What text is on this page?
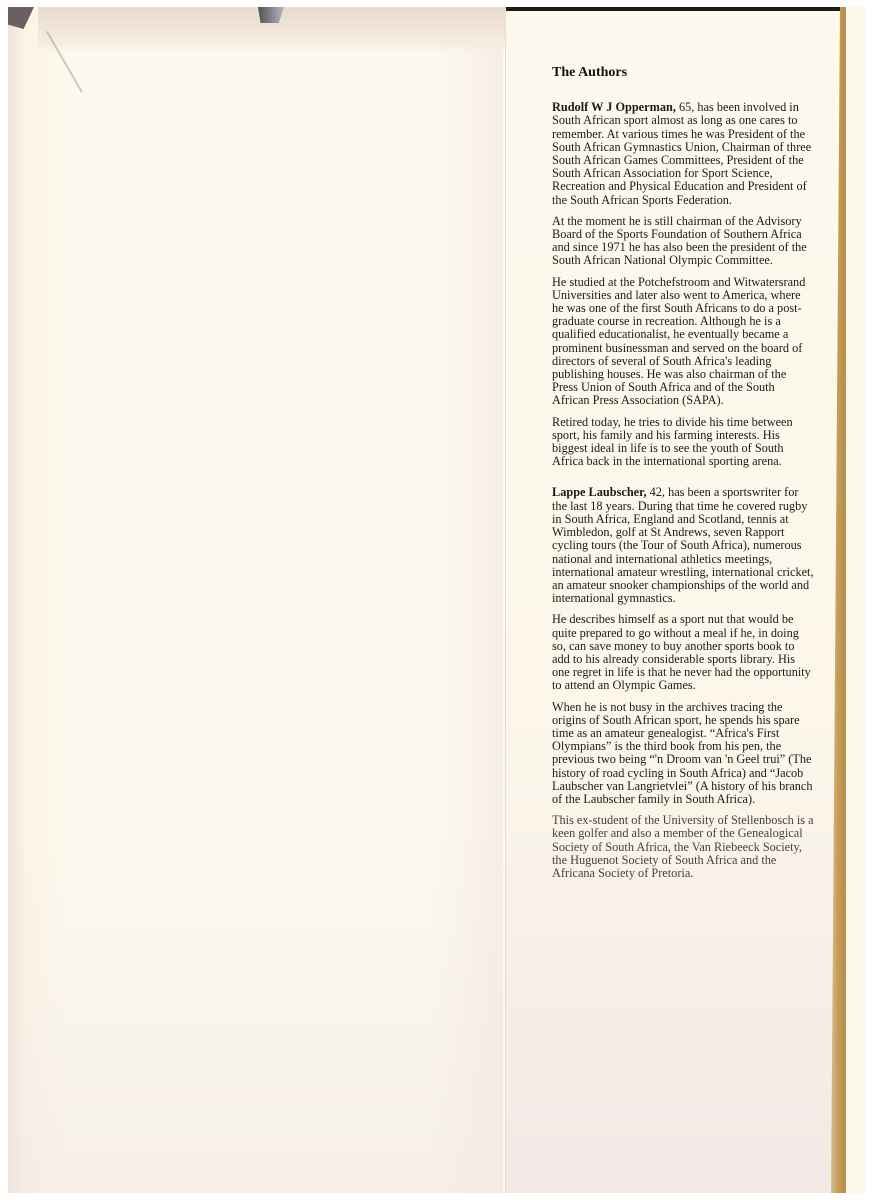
The Authors

Rudolf W J Opperman, 65, has been involved in South African sport almost as long as one cares to remember. At various times he was President of the South African Gymnastics Union, Chairman of three South African Games Committees, President of the South African Association for Sport Science, Recreation and Physical Education and President of the South African Sports Federation.

At the moment he is still chairman of the Advisory Board of the Sports Foundation of Southern Africa and since 1971 he has also been the president of the South African National Olympic Committee.

He studied at the Potchefstroom and Witwatersrand Universities and later also went to America, where he was one of the first South Africans to do a post-graduate course in recreation. Although he is a qualified educationalist, he eventually became a prominent businessman and served on the board of directors of several of South Africa's leading publishing houses. He was also chairman of the Press Union of South Africa and of the South African Press Association (SAPA).

Retired today, he tries to divide his time between sport, his family and his farming interests. His biggest ideal in life is to see the youth of South Africa back in the international sporting arena.

Lappe Laubscher, 42, has been a sportswriter for the last 18 years. During that time he covered rugby in South Africa, England and Scotland, tennis at Wimbledon, golf at St Andrews, seven Rapport cycling tours (the Tour of South Africa), numerous national and international athletics meetings, international amateur wrestling, international cricket, an amateur snooker championships of the world and international gymnastics.

He describes himself as a sport nut that would be quite prepared to go without a meal if he, in doing so, can save money to buy another sports book to add to his already considerable sports library. His one regret in life is that he never had the opportunity to attend an Olympic Games.

When he is not busy in the archives tracing the origins of South African sport, he spends his spare time as an amateur genealogist. “Africa's First Olympians” is the third book from his pen, the previous two being “'n Droom van 'n Geel trui” (The history of road cycling in South Africa) and “Jacob Laubscher van Langrietvlei” (A history of his branch of the Laubscher family in South Africa).

This ex-student of the University of Stellenbosch is a keen golfer and also a member of the Genealogical Society of South Africa, the Van Riebeeck Society, the Huguenot Society of South Africa and the Africana Society of Pretoria.
